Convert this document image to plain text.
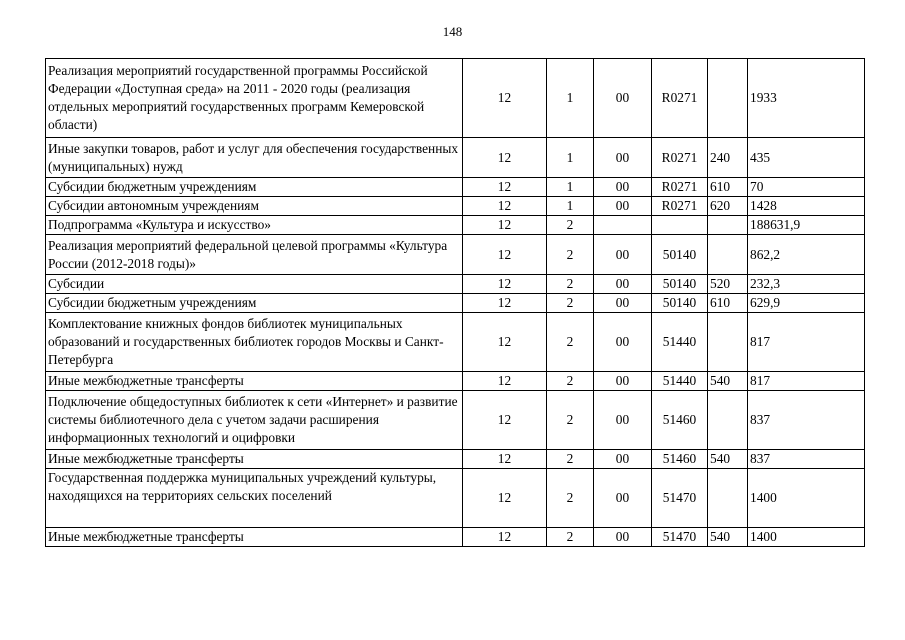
148
Реализация мероприятий государственной программы Российской Федерации «Доступная среда» на 2011 - 2020 годы (реализация отдельных мероприятий государственных программ Кемеровской области)	12	1	00	R0271		1933
Иные закупки товаров, работ и услуг для обеспечения государственных (муниципальных) нужд	12	1	00	R0271	240	435
Субсидии бюджетным учреждениям	12	1	00	R0271	610	70
Субсидии автономным учреждениям	12	1	00	R0271	620	1428
Подпрограмма «Культура и искусство»	12	2				188631,9
Реализация мероприятий федеральной целевой программы «Культура России (2012-2018 годы)»	12	2	00	50140		862,2
Субсидии	12	2	00	50140	520	232,3
Субсидии бюджетным учреждениям	12	2	00	50140	610	629,9
Комплектование книжных фондов библиотек муниципальных образований и государственных библиотек городов Москвы и Санкт-Петербурга	12	2	00	51440		817
Иные межбюджетные трансферты	12	2	00	51440	540	817
Подключение общедоступных библиотек к сети «Интернет» и развитие системы библиотечного дела с учетом задачи расширения информационных технологий и оцифровки	12	2	00	51460		837
Иные межбюджетные трансферты	12	2	00	51460	540	837
Государственная поддержка муниципальных учреждений культуры, находящихся на территориях сельских поселений	12	2	00	51470		1400
Иные межбюджетные трансферты	12	2	00	51470	540	1400
